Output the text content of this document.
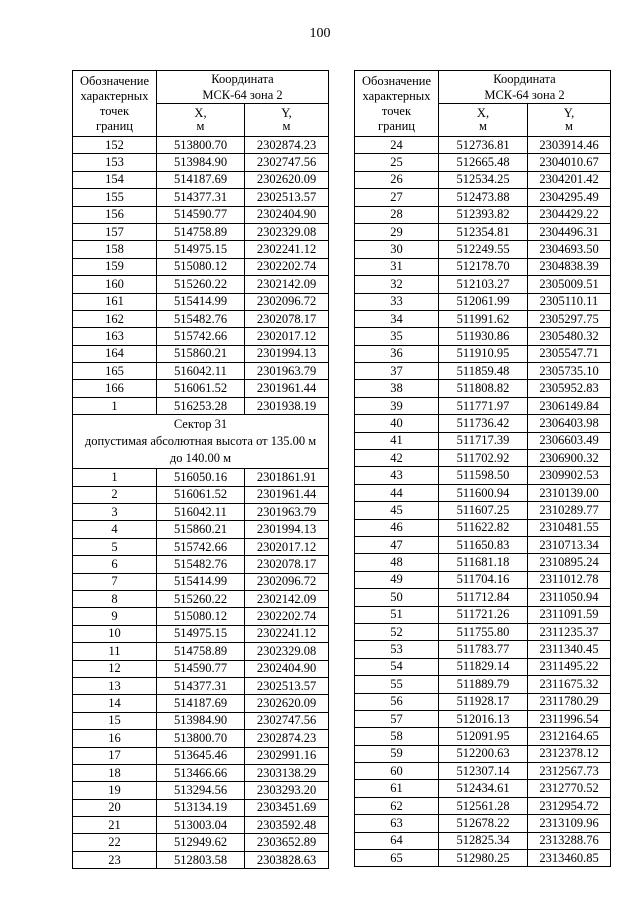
100
Обозначение
характерных
точек
границ	Координата
МСК-64 зона 2	

	X,
м	Y,
м

152	513800.70	2302874.23
153	513984.90	2302747.56
154	514187.69	2302620.09
155	514377.31	2302513.57
156	514590.77	2302404.90
157	514758.89	2302329.08
158	514975.15	2302241.12
159	515080.12	2302202.74
160	515260.22	2302142.09
161	515414.99	2302096.72
162	515482.76	2302078.17
163	515742.66	2302017.12
164	515860.21	2301994.13
165	516042.11	2301963.79
166	516061.52	2301961.44
1	516253.28	2301938.19

Сектор 31
допустимая абсолютная высота от 135.00 м
до 140.00 м		

1	516050.16	2301861.91
2	516061.52	2301961.44
3	516042.11	2301963.79
4	515860.21	2301994.13
5	515742.66	2302017.12
6	515482.76	2302078.17
7	515414.99	2302096.72
8	515260.22	2302142.09
9	515080.12	2302202.74
10	514975.15	2302241.12
11	514758.89	2302329.08
12	514590.77	2302404.90
13	514377.31	2302513.57
14	514187.69	2302620.09
15	513984.90	2302747.56
16	513800.70	2302874.23
17	513645.46	2302991.16
18	513466.66	2303138.29
19	513294.56	2303293.20
20	513134.19	2303451.69
21	513003.04	2303592.48
22	512949.62	2303652.89
23	512803.58	2303828.63
Обозначение
характерных
точек
границ	Координата
МСК-64 зона 2	

	X,
м	Y,
м

24	512736.81	2303914.46
25	512665.48	2304010.67
26	512534.25	2304201.42
27	512473.88	2304295.49
28	512393.82	2304429.22
29	512354.81	2304496.31
30	512249.55	2304693.50
31	512178.70	2304838.39
32	512103.27	2305009.51
33	512061.99	2305110.11
34	511991.62	2305297.75
35	511930.86	2305480.32
36	511910.95	2305547.71
37	511859.48	2305735.10
38	511808.82	2305952.83
39	511771.97	2306149.84
40	511736.42	2306403.98
41	511717.39	2306603.49
42	511702.92	2306900.32
43	511598.50	2309902.53
44	511600.94	2310139.00
45	511607.25	2310289.77
46	511622.82	2310481.55
47	511650.83	2310713.34
48	511681.18	2310895.24
49	511704.16	2311012.78
50	511712.84	2311050.94
51	511721.26	2311091.59
52	511755.80	2311235.37
53	511783.77	2311340.45
54	511829.14	2311495.22
55	511889.79	2311675.32
56	511928.17	2311780.29
57	512016.13	2311996.54
58	512091.95	2312164.65
59	512200.63	2312378.12
60	512307.14	2312567.73
61	512434.61	2312770.52
62	512561.28	2312954.72
63	512678.22	2313109.96
64	512825.34	2313288.76
65	512980.25	2313460.85
